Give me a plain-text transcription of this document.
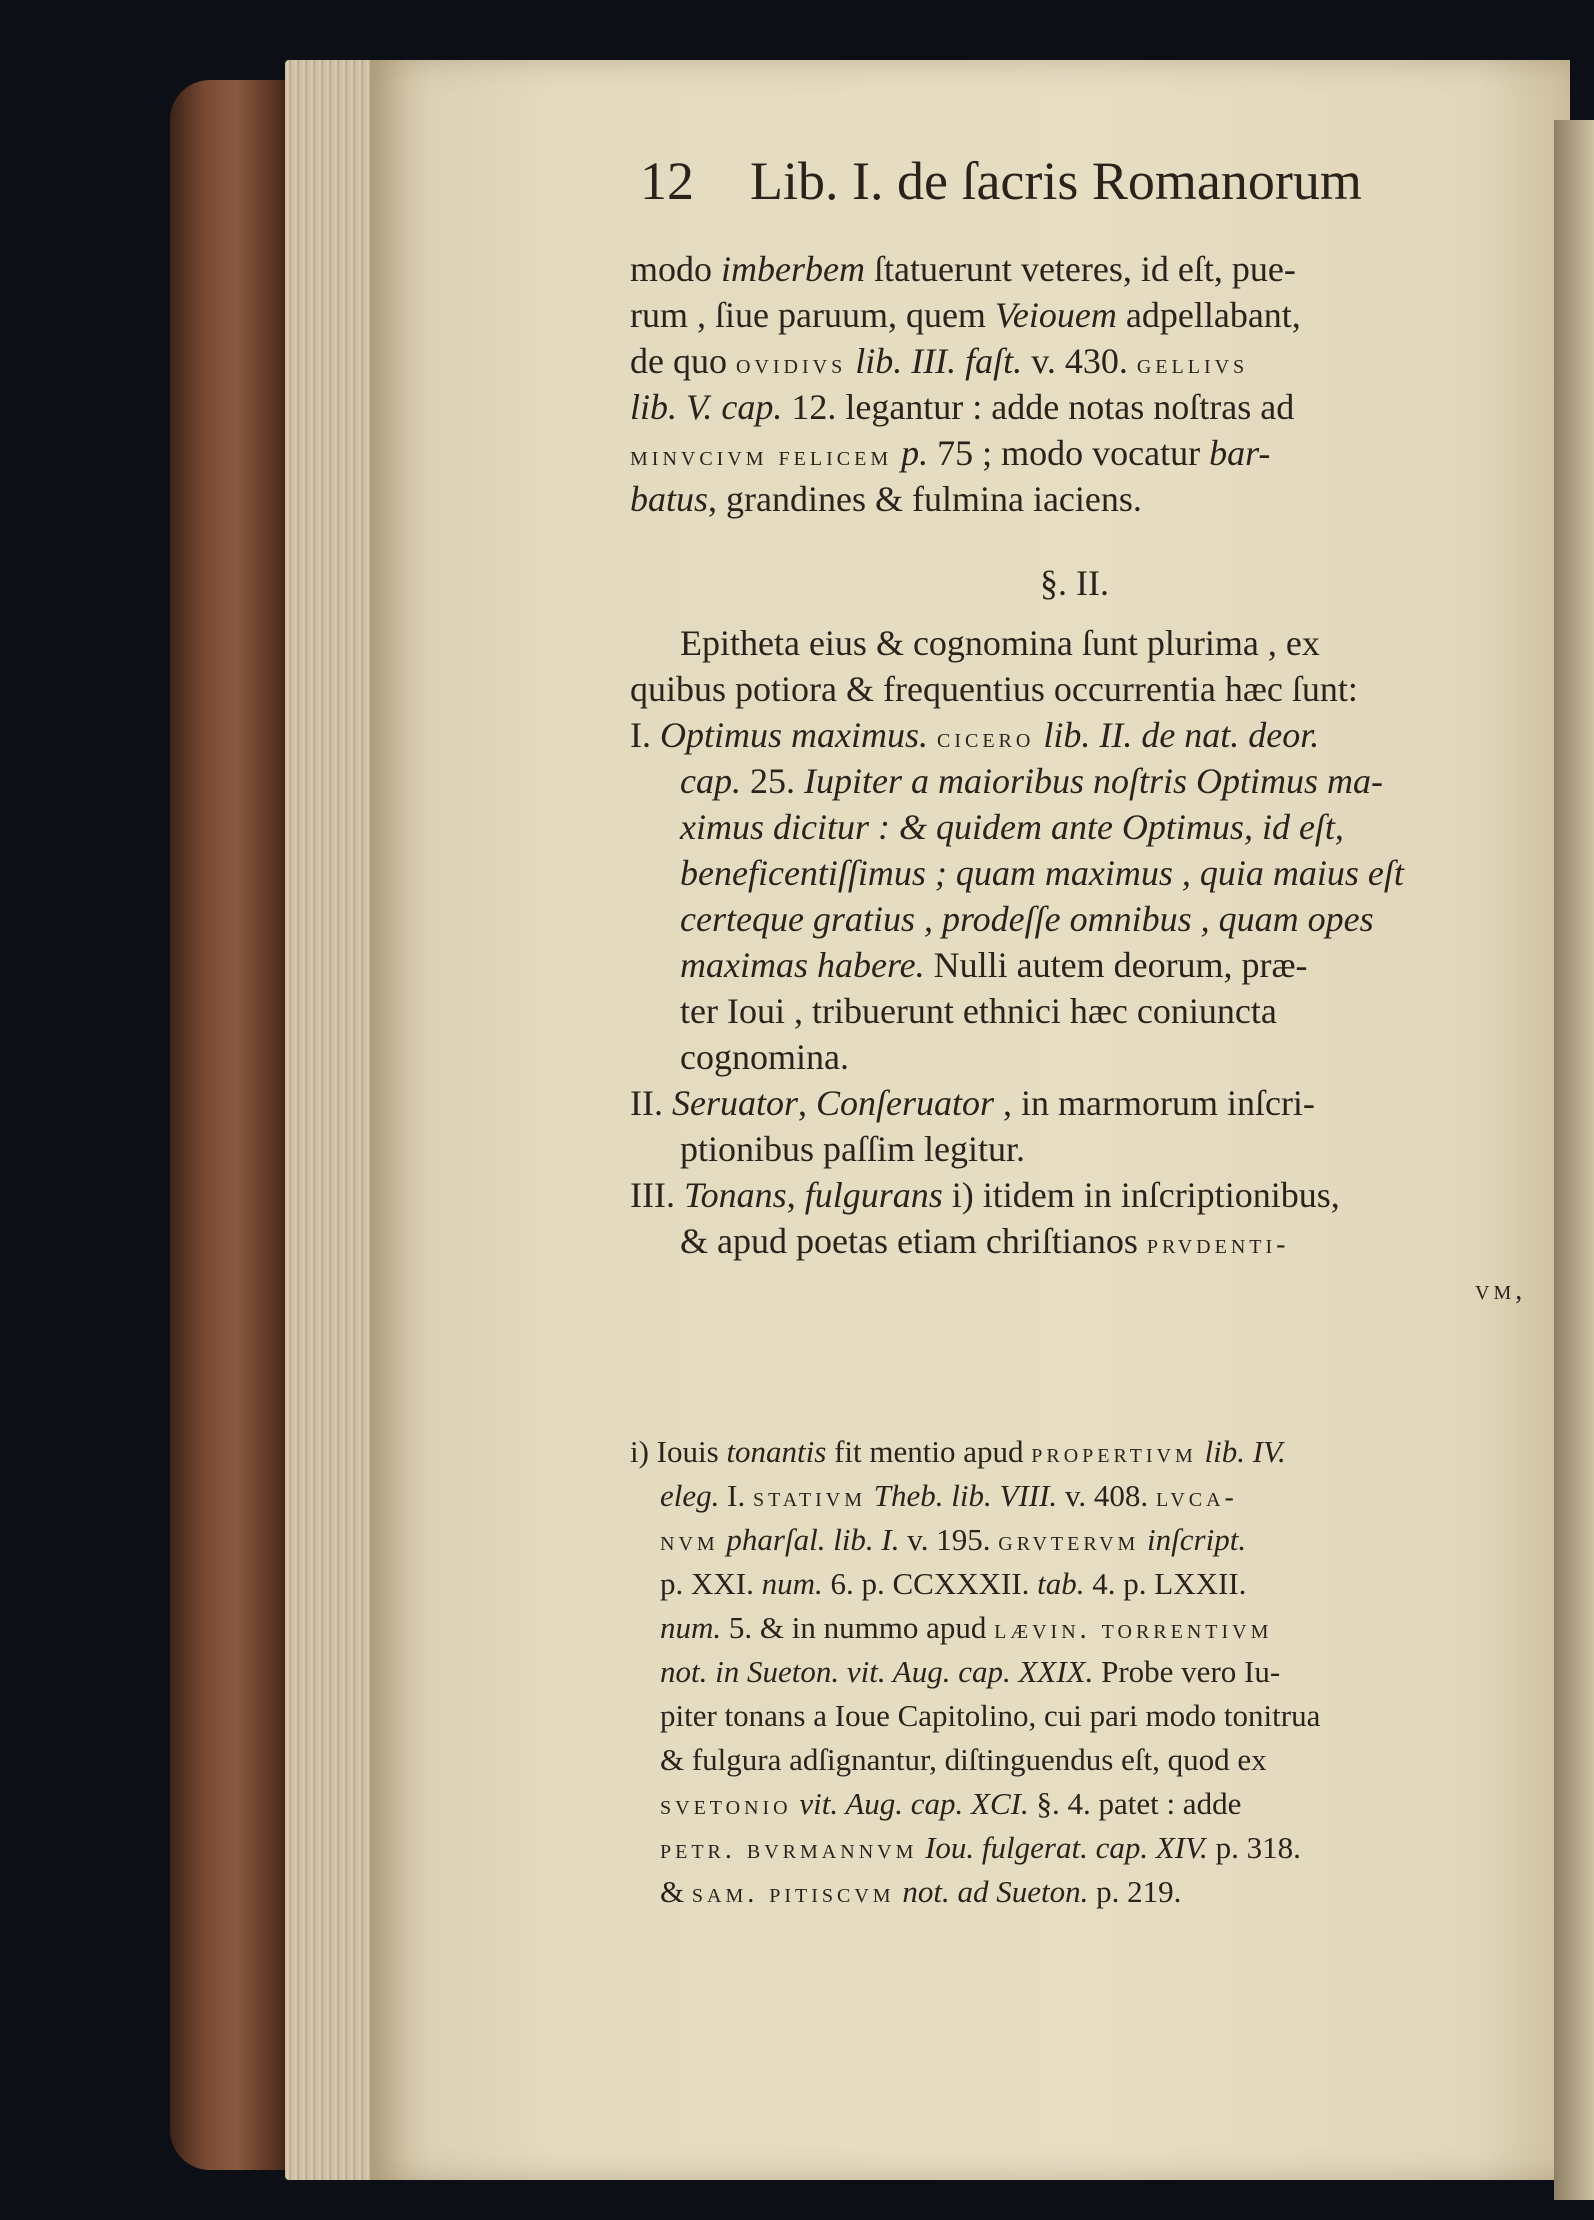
12 Lib. I. de ſacris Romanorum
modo imberbem ſtatuerunt veteres, id eſt, pue-
rum , ſiue paruum, quem Veiouem adpellabant,
de quo ovidivs lib. III. faſt. v. 430. gellivs
lib. V. cap. 12. legantur : adde notas noſtras ad
minvcivm felicem p. 75 ; modo vocatur bar-
batus, grandines & fulmina iaciens.
§. II.
Epitheta eius & cognomina ſunt plurima , ex
quibus potiora & frequentius occurrentia hæc ſunt:
I. Optimus maximus. cicero lib. II. de nat. deor.
cap. 25. Iupiter a maioribus noſtris Optimus ma-
ximus dicitur : & quidem ante Optimus, id eſt,
beneficentiſſimus ; quam maximus , quia maius eſt
certeque gratius , prodeſſe omnibus , quam opes
maximas habere. Nulli autem deorum, præ-
ter Ioui , tribuerunt ethnici hæc coniuncta
cognomina.
II. Seruator, Conſeruator , in marmorum inſcri-
ptionibus paſſim legitur.
III. Tonans, fulgurans i) itidem in inſcriptionibus,
& apud poetas etiam chriſtianos prvdenti-
vm,
i) Iouis tonantis fit mentio apud propertivm lib. IV.
eleg. I. stativm Theb. lib. VIII. v. 408. lvca-
nvm pharſal. lib. I. v. 195. grvtervm inſcript.
p. XXI. num. 6. p. CCXXXII. tab. 4. p. LXXII.
num. 5. & in nummo apud lævin. torrentivm
not. in Sueton. vit. Aug. cap. XXIX. Probe vero Iu-
piter tonans a Ioue Capitolino, cui pari modo tonitrua
& fulgura adſignantur, diſtinguendus eſt, quod ex
svetonio vit. Aug. cap. XCI. §. 4. patet : adde
petr. bvrmannvm Iou. fulgerat. cap. XIV. p. 318.
& sam. pitiscvm not. ad Sueton. p. 219.
